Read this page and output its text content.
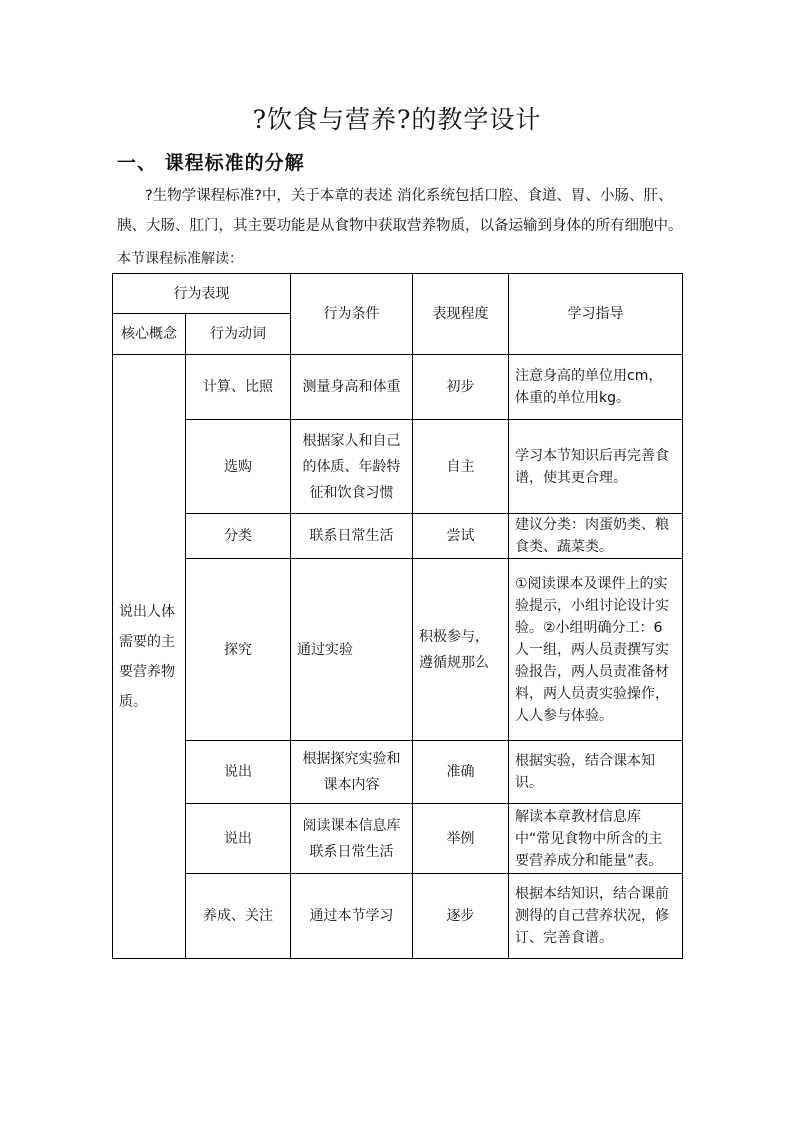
?饮食与营养?的教学设计
一、 课程标准的分解
?生物学课程标准?中，关于本章的表述 消化系统包括口腔、食道、胃、小肠、肝、胰、大肠、肛门，其主要功能是从食物中获取营养物质，以备运输到身体的所有细胞中。
本节课程标准解读：
行为表现		行为条件	表现程度	学习指导
核心概念	行为动词			
说出人体需要的主要营养物质。	计算、比照	测量身高和体重	初步	注意身高的单位用cm，体重的单位用kg。
	选购	根据家人和自己的体质、年龄特征和饮食习惯	自主	学习本节知识后再完善食谱，使其更合理。
	分类	联系日常生活	尝试	建议分类：肉蛋奶类、粮食类、蔬菜类。
	探究	通过实验	积极参与，遵循规那么	①阅读课本及课件上的实验提示，小组讨论设计实验。②小组明确分工：6人一组，两人员责撰写实验报告，两人员责准备材料，两人员责实验操作，人人参与体验。
	说出	根据探究实验和课本内容	准确	根据实验，结合课本知识。
	说出	阅读课本信息库联系日常生活	举例	解读本章教材信息库中“常见食物中所含的主要营养成分和能量”表。
	养成、关注	通过本节学习	逐步	根据本结知识，结合课前测得的自己营养状况，修订、完善食谱。
